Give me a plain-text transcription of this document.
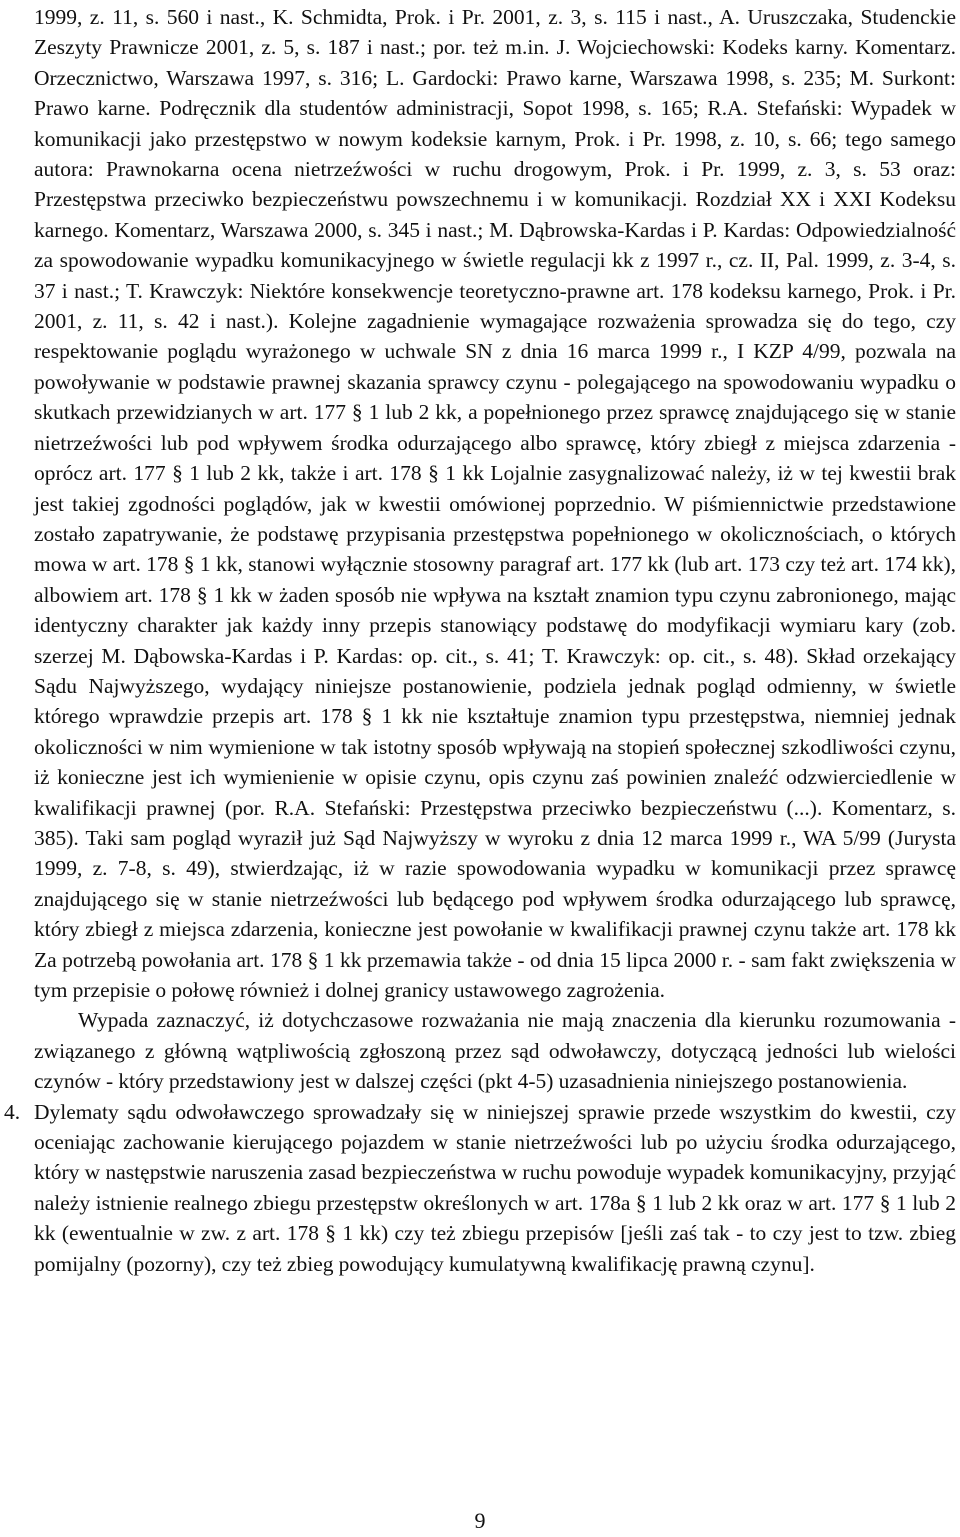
1999, z. 11, s. 560 i nast., K. Schmidta, Prok. i Pr. 2001, z. 3, s. 115 i nast., A. Uruszczaka, Studenckie Zeszyty Prawnicze 2001, z. 5, s. 187 i nast.; por. też m.in. J. Wojciechowski: Kodeks karny. Komentarz. Orzecznictwo, Warszawa 1997, s. 316; L. Gardocki: Prawo karne, Warszawa 1998, s. 235; M. Surkont: Prawo karne. Podręcznik dla studentów administracji, Sopot 1998, s. 165; R.A. Stefański: Wypadek w komunikacji jako przestępstwo w nowym kodeksie karnym, Prok. i Pr. 1998, z. 10, s. 66; tego samego autora: Prawnokarna ocena nietrzeźwości w ruchu drogowym, Prok. i Pr. 1999, z. 3, s. 53 oraz: Przestępstwa przeciwko bezpieczeństwu powszechnemu i w komunikacji. Rozdział XX i XXI Kodeksu karnego. Komentarz, Warszawa 2000, s. 345 i nast.; M. Dąbrowska-Kardas i P. Kardas: Odpowiedzialność za spowodowanie wypadku komunikacyjnego w świetle regulacji kk z 1997 r., cz. II, Pal. 1999, z. 3-4, s. 37 i nast.; T. Krawczyk: Niektóre konsekwencje teoretyczno-prawne art. 178 kodeksu karnego, Prok. i Pr. 2001, z. 11, s. 42 i nast.). Kolejne zagadnienie wymagające rozważenia sprowadza się do tego, czy respektowanie poglądu wyrażonego w uchwale SN z dnia 16 marca 1999 r., I KZP 4/99, pozwala na powoływanie w podstawie prawnej skazania sprawcy czynu - polegającego na spowodowaniu wypadku o skutkach przewidzianych w art. 177 § 1 lub 2 kk, a popełnionego przez sprawcę znajdującego się w stanie nietrzeźwości lub pod wpływem środka odurzającego albo sprawcę, który zbiegł z miejsca zdarzenia - oprócz art. 177 § 1 lub 2 kk, także i art. 178 § 1 kk Lojalnie zasygnalizować należy, iż w tej kwestii brak jest takiej zgodności poglądów, jak w kwestii omówionej poprzednio. W piśmiennictwie przedstawione zostało zapatrywanie, że podstawę przypisania przestępstwa popełnionego w okolicznościach, o których mowa w art. 178 § 1 kk, stanowi wyłącznie stosowny paragraf art. 177 kk (lub art. 173 czy też art. 174 kk), albowiem art. 178 § 1 kk w żaden sposób nie wpływa na kształt znamion typu czynu zabronionego, mając identyczny charakter jak każdy inny przepis stanowiący podstawę do modyfikacji wymiaru kary (zob. szerzej M. Dąbowska-Kardas i P. Kardas: op. cit., s. 41; T. Krawczyk: op. cit., s. 48). Skład orzekający Sądu Najwyższego, wydający niniejsze postanowienie, podziela jednak pogląd odmienny, w świetle którego wprawdzie przepis art. 178 § 1 kk nie kształtuje znamion typu przestępstwa, niemniej jednak okoliczności w nim wymienione w tak istotny sposób wpływają na stopień społecznej szkodliwości czynu, iż konieczne jest ich wymienienie w opisie czynu, opis czynu zaś powinien znaleźć odzwierciedlenie w kwalifikacji prawnej (por. R.A. Stefański: Przestępstwa przeciwko bezpieczeństwu (...). Komentarz, s. 385). Taki sam pogląd wyraził już Sąd Najwyższy w wyroku z dnia 12 marca 1999 r., WA 5/99 (Jurysta 1999, z. 7-8, s. 49), stwierdzając, iż w razie spowodowania wypadku w komunikacji przez sprawcę znajdującego się w stanie nietrzeźwości lub będącego pod wpływem środka odurzającego lub sprawcę, który zbiegł z miejsca zdarzenia, konieczne jest powołanie w kwalifikacji prawnej czynu także art. 178 kk Za potrzebą powołania art. 178 § 1 kk przemawia także - od dnia 15 lipca 2000 r. - sam fakt zwiększenia w tym przepisie o połowę również i dolnej granicy ustawowego zagrożenia.

Wypada zaznaczyć, iż dotychczasowe rozważania nie mają znaczenia dla kierunku rozumowania - związanego z główną wątpliwością zgłoszoną przez sąd odwoławczy, dotyczącą jedności lub wielości czynów - który przedstawiony jest w dalszej części (pkt 4-5) uzasadnienia niniejszego postanowienia.

4. Dylematy sądu odwoławczego sprowadzały się w niniejszej sprawie przede wszystkim do kwestii, czy oceniając zachowanie kierującego pojazdem w stanie nietrzeźwości lub po użyciu środka odurzającego, który w następstwie naruszenia zasad bezpieczeństwa w ruchu powoduje wypadek komunikacyjny, przyjąć należy istnienie realnego zbiegu przestępstw określonych w art. 178a § 1 lub 2 kk oraz w art. 177 § 1 lub 2 kk (ewentualnie w zw. z art. 178 § 1 kk) czy też zbiegu przepisów [jeśli zaś tak - to czy jest to tzw. zbieg pomijalny (pozorny), czy też zbieg powodujący kumulatywną kwalifikację prawną czynu].
9
